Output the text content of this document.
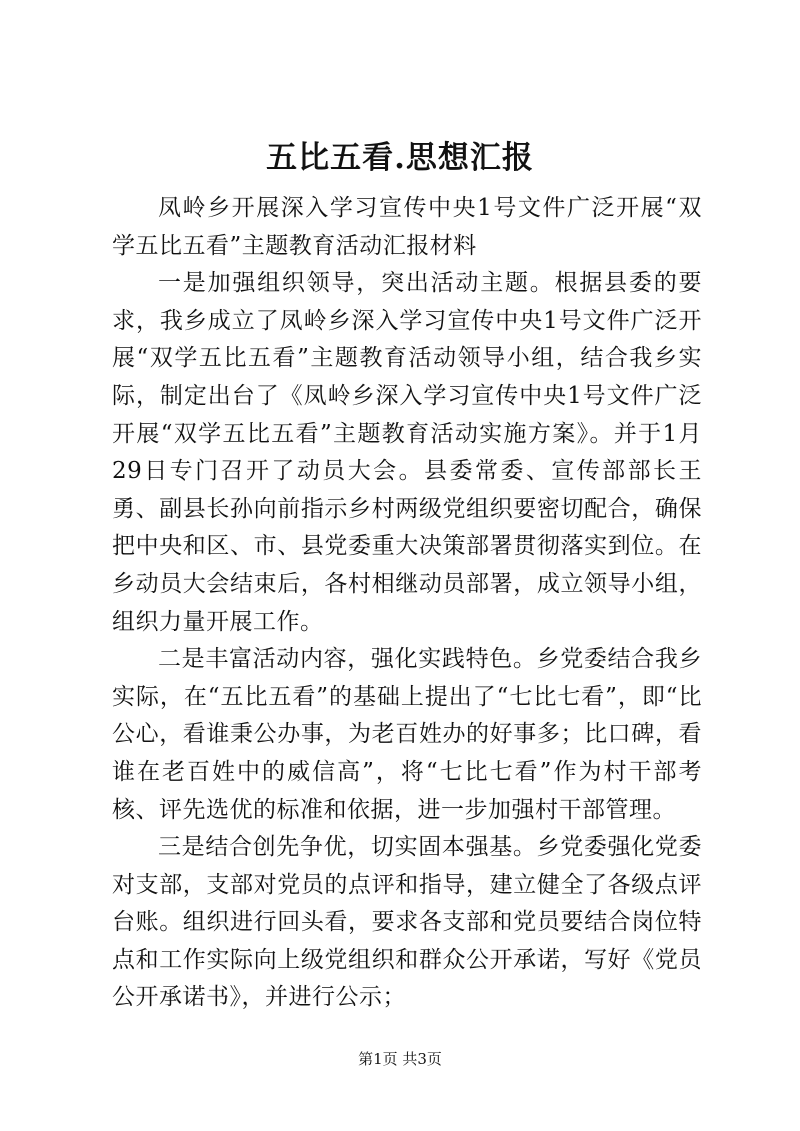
五比五看.思想汇报

凤岭乡开展深入学习宣传中央1号文件广泛开展“双学五比五看”主题教育活动汇报材料

一是加强组织领导，突出活动主题。根据县委的要求，我乡成立了凤岭乡深入学习宣传中央1号文件广泛开展“双学五比五看”主题教育活动领导小组，结合我乡实际，制定出台了《凤岭乡深入学习宣传中央1号文件广泛开展“双学五比五看”主题教育活动实施方案》。并于1月29日专门召开了动员大会。县委常委、宣传部部长王勇、副县长孙向前指示乡村两级党组织要密切配合，确保把中央和区、市、县党委重大决策部署贯彻落实到位。在乡动员大会结束后，各村相继动员部署，成立领导小组，组织力量开展工作。

二是丰富活动内容，强化实践特色。乡党委结合我乡实际，在“五比五看”的基础上提出了“七比七看”，即“比公心，看谁秉公办事，为老百姓办的好事多；比口碑，看谁在老百姓中的威信高”，将“七比七看”作为村干部考核、评先选优的标准和依据，进一步加强村干部管理。

三是结合创先争优，切实固本强基。乡党委强化党委对支部，支部对党员的点评和指导，建立健全了各级点评台账。组织进行回头看，要求各支部和党员要结合岗位特点和工作实际向上级党组织和群众公开承诺，写好《党员公开承诺书》，并进行公示；

第1页 共3页
